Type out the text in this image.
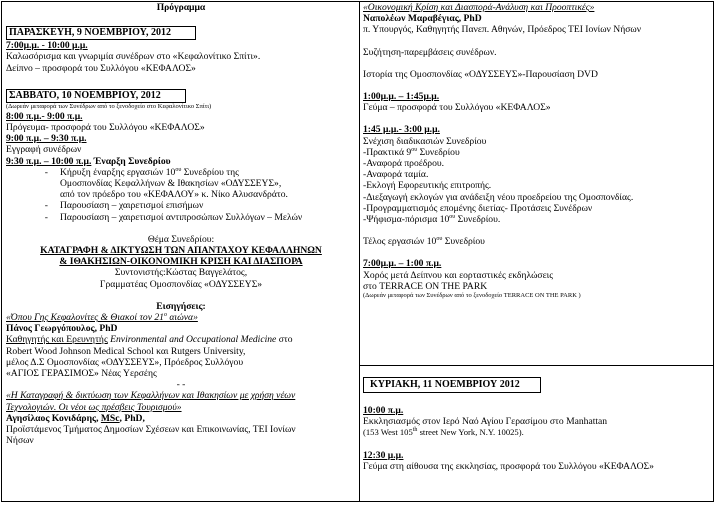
Πρόγραμμα
ΠΑΡΑΣΚΕΥΗ, 9 ΝΟΕΜΒΡΙΟΥ, 2012
7:00μ.μ. - 10:00 μ.μ.
Καλωσόρισμα και γνωριμία συνέδρων στο «Κεφαλονίτικο Σπίτι».
Δείπνο – προσφορά του Συλλόγου «ΚΕΦΑΛΟΣ»
ΣΑΒΒΑΤΟ, 10 ΝΟΕΜΒΡΙΟΥ, 2012
(Δωρεάν μεταφορά των Συνέδρων από το ξενοδοχείο στο Κεφαλονίτικο Σπίτι)
8:00 π.μ.- 9:00 π.μ.
Πρόγευμα- προσφορά του Συλλόγου «ΚΕΦΑΛΟΣ»
9:00 π.μ. – 9:30 π.μ.
Εγγραφή συνέδρων
9:30 π.μ. – 10:00 π.μ. Έναρξη Συνεδρίου
-	Κήρυξη έναρξης εργασιών $10^{o\upsilon}$ Συνεδρίου της
Ομοσπονδίας Κεφαλλήνων & Ιθακησίων «ΟΔΥΣΣΕΥΣ»,
από τον πρόεδρο του «ΚΕΦΑΛΟΥ» κ. Νίκο Αλυσανδράτο.
-	Παρουσίαση – χαιρετισμοί επισήμων
-	Παρουσίαση – χαιρετισμοί αντιπροσώπων Συλλόγων – Μελών
Θέμα Συνεδρίου:
ΚΑΤΑΓΡΑΦΗ & ΔΙΚΤΥΩΣΗ ΤΩΝ ΑΠΑΝΤΑΧΟΥ ΚΕΦΑΛΛΗΝΩΝ
& ΙΘΑΚΗΣΙΩΝ-ΟΙΚΟΝΟΜΙΚΗ ΚΡΙΣΗ ΚΑΙ ΔΙΑΣΠΟΡΑ
Συντονιστής:Κώστας Βαγγελάτος,
Γραμματέας Ομοσπονδίας «ΟΔΥΣΣΕΥΣ»
Εισηγήσεις:
«Όπου Γης Κεφαλονίτες & Θιακοί τον $21^o$ αιώνα»
Πάνος Γεωργόπουλος, PhD
Καθηγητής και Ερευνητής Environmental and Occupational Medicine στο
Robert Wood Johnson Medical School και Rutgers University,
μέλος Δ.Σ Ομοσπονδίας «ΟΔΥΣΣΕΥΣ», Πρόεδρος Συλλόγου
«ΑΓΙΟΣ ΓΕΡΑΣΙΜΟΣ» Νέας Υερσέης
- -
«Η Καταγραφή & δικτύωση των Κεφαλλήνων και Ιθακησίων με χρήση νέων
Τεχνολογιών. Οι νέοι ως πρέσβεις Τουρισμού»
Αγησίλαος Κονιδάρης, MSc, PhD,
Προϊστάμενος Τμήματος Δημοσίων Σχέσεων και Επικοινωνίας, ΤΕΙ Ιονίων
Νήσων
«Οικονομική Κρίση και Διασπορά-Ανάλυση και Προοπτικές»
Ναπολέων Μαραβέγιας, PhD
π. Υπουργός, Καθηγητής Πανεπ. Αθηνών, Πρόεδρος ΤΕΙ Ιονίων Νήσων
Συζήτηση-παρεμβάσεις συνέδρων.
Ιστορία της Ομοσπονδίας «ΟΔΥΣΣΕΥΣ»-Παρουσίαση DVD
1:00μ.μ. – 1:45μ.μ.
Γεύμα – προσφορά του Συλλόγου «ΚΕΦΑΛΟΣ»
1:45 μ.μ.- 3:00 μ.μ.
Σνέχιση διαδικασιών Συνεδρίου
-Πρακτικά $9^{o\upsilon}$ Συνεδρίου
-Αναφορά προέδρου.
-Αναφορά ταμία.
-Εκλογή Εφορευτικής επιτροπής.
-Διεξαγωγή εκλογών για ανάδειξη νέου προεδρείου της Ομοσπονδίας.
-Προγραμματισμός επομένης διετίας- Προτάσεις Συνέδρων
-Ψήφισμα-πόρισμα $10^{o\upsilon}$ Συνεδρίου.
Τέλος εργασιών $10^{o\upsilon}$ Συνεδρίου
7:00μ.μ. – 1:00 π.μ.
Χορός μετά Δείπνου και εορταστικές εκδηλώσεις
στο TERRACE ON THE PARK
(Δωρεάν μεταφορά των Συνέδρων από το ξενοδοχείο TERRACE ON THE PARK )
ΚΥΡΙΑΚΗ, 11 ΝΟΕΜΒΡΙΟΥ 2012
10:00 π.μ.
Εκκλησιασμός στον Ιερό Ναό Αγίου Γερασίμου στο Manhattan
(153 West 105th street New York, N.Y. 10025).
12:30 μ.μ.
Γεύμα στη αίθουσα της εκκλησίας, προσφορά του Συλλόγου «ΚΕΦΑΛΟΣ»
